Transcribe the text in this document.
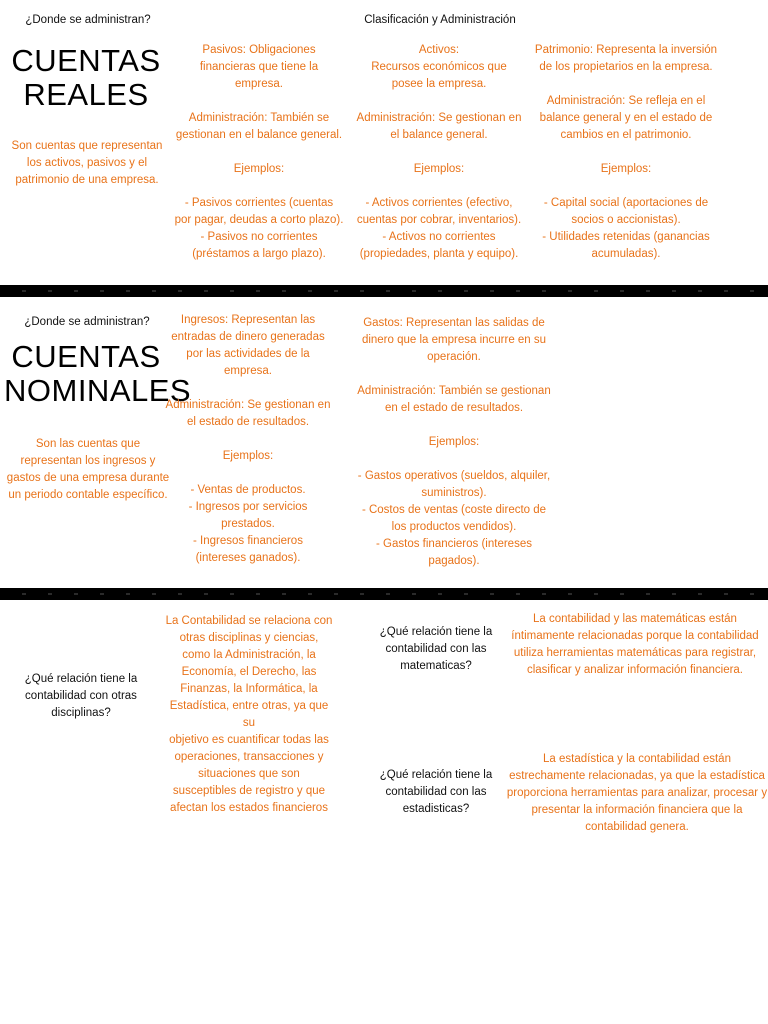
¿Donde se administran?	Clasificación y Administración
CUENTAS
REALES
Son cuentas que representan
los activos, pasivos y el
patrimonio de una empresa.
Pasivos: Obligaciones
financieras que tiene la
empresa.

Administración: También se
gestionan en el balance general.

Ejemplos:

- Pasivos corrientes (cuentas
por pagar, deudas a corto plazo).
- Pasivos no corrientes
(préstamos a largo plazo).
Activos:
Recursos económicos que
posee la empresa.

Administración: Se gestionan en
el balance general.

Ejemplos:

- Activos corrientes (efectivo,
cuentas por cobrar, inventarios).
- Activos no corrientes
(propiedades, planta y equipo).
Patrimonio: Representa la inversión
de los propietarios en la empresa.

Administración: Se refleja en el
balance general y en el estado de
cambios en el patrimonio.

Ejemplos:

- Capital social (aportaciones de
socios o accionistas).
- Utilidades retenidas (ganancias
acumuladas).
¿Donde se administran?
CUENTAS
NOMINALES
Son las cuentas que
representan los ingresos y
gastos de una empresa durante
un periodo contable específico.
Ingresos: Representan las
entradas de dinero generadas
por las actividades de la
empresa.

Administración: Se gestionan en
el estado de resultados.

Ejemplos:

- Ventas de productos.
- Ingresos por servicios
prestados.
- Ingresos financieros
(intereses ganados).
Gastos: Representan las salidas de
dinero que la empresa incurre en su
operación.

Administración: También se gestionan
en el estado de resultados.

Ejemplos:

- Gastos operativos (sueldos, alquiler,
suministros).
- Costos de ventas (coste directo de
los productos vendidos).
- Gastos financieros (intereses
pagados).
¿Qué relación tiene la
contabilidad con otras
disciplinas?
La Contabilidad se relaciona con
otras disciplinas y ciencias,
como la Administración, la
Economía, el Derecho, las
Finanzas, la Informática, la
Estadística, entre otras, ya que
su
objetivo es cuantificar todas las
operaciones, transacciones y
situaciones que son
susceptibles de registro y que
afectan los estados financieros
¿Qué relación tiene la
contabilidad con las
matematicas?
La contabilidad y las matemáticas están
íntimamente relacionadas porque la contabilidad
utiliza herramientas matemáticas para registrar,
clasificar y analizar información financiera.
¿Qué relación tiene la
contabilidad con las
estadisticas?
La estadística y la contabilidad están
estrechamente relacionadas, ya que la estadística
proporciona herramientas para analizar, procesar y
presentar la información financiera que la
contabilidad genera.
